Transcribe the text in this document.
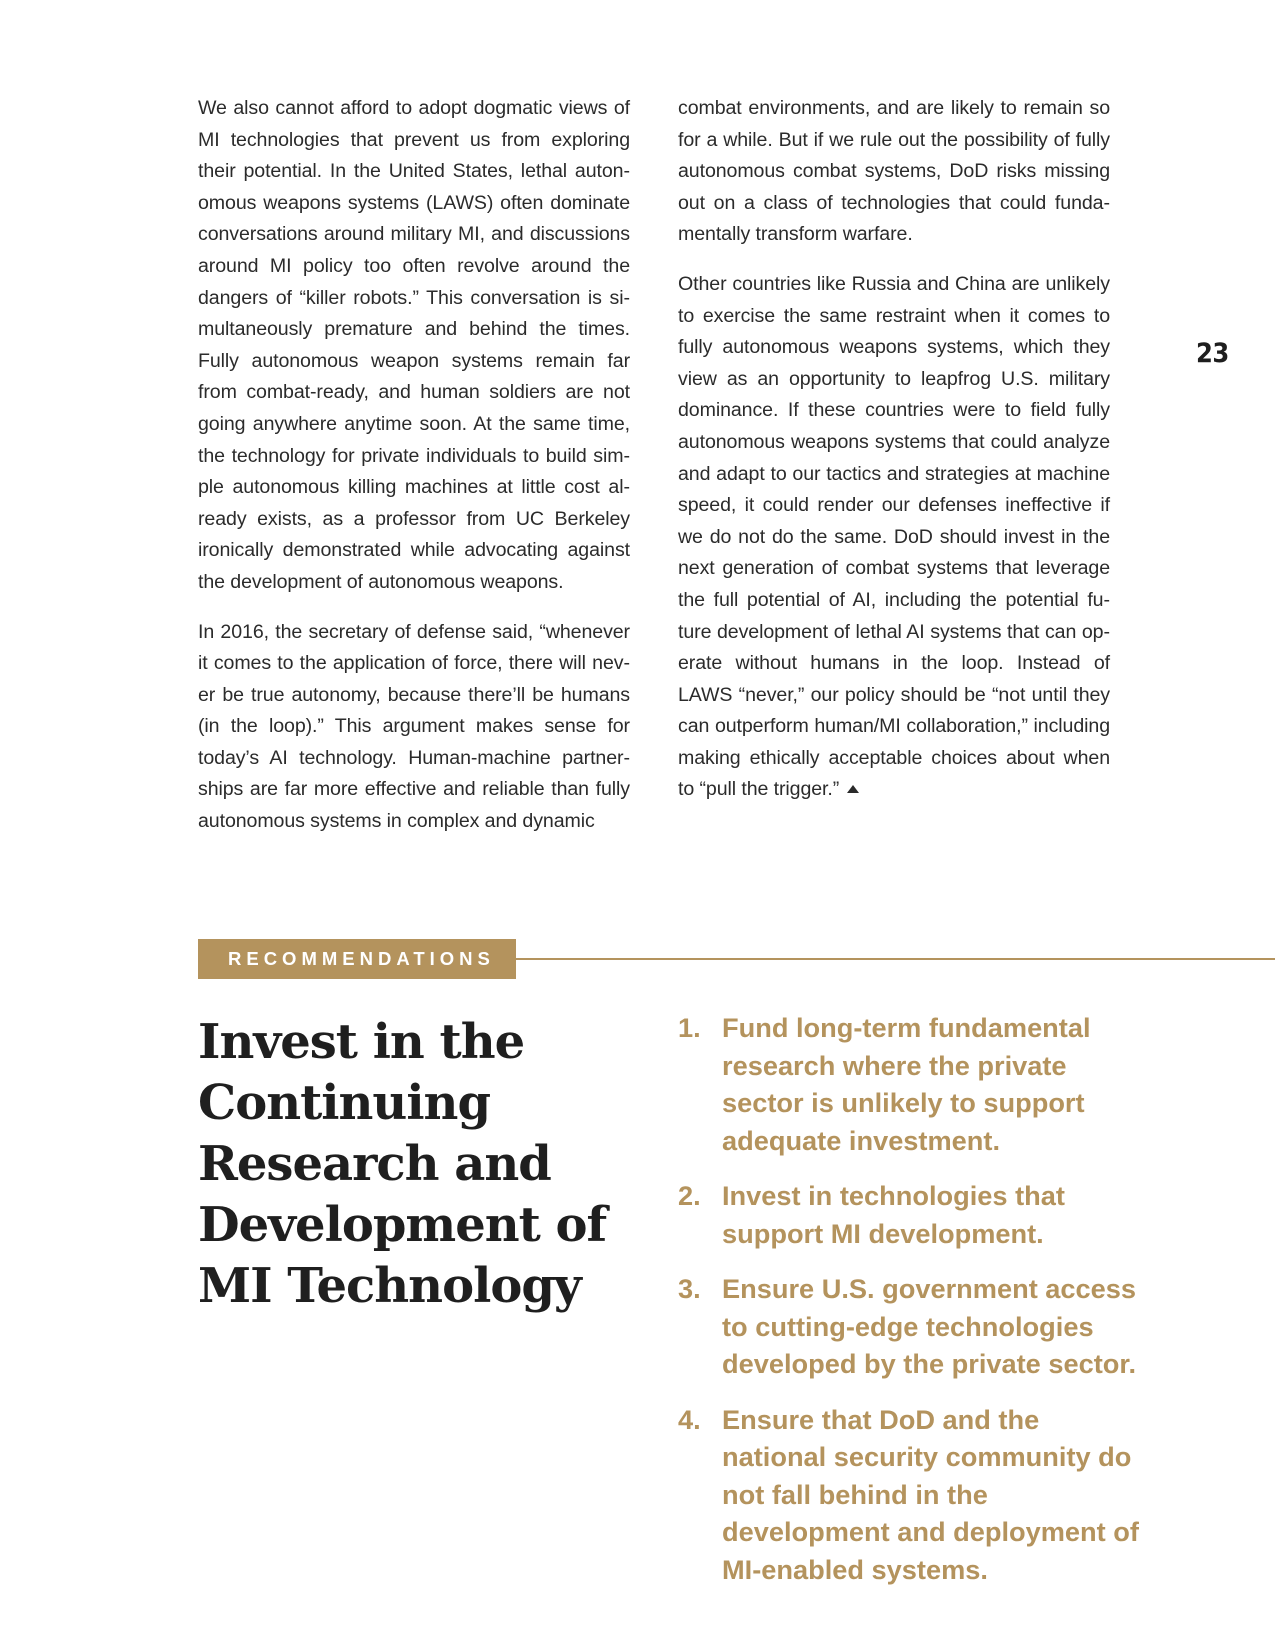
We also cannot afford to adopt dogmatic views of MI technologies that prevent us from exploring their potential. In the United States, lethal autonomous weapons systems (LAWS) often dominate conversations around military MI, and discussions around MI policy too often revolve around the dangers of “killer robots.” This conversation is simultaneously premature and behind the times. Fully autonomous weapon systems remain far from combat-ready, and human soldiers are not going anywhere anytime soon. At the same time, the technology for private individuals to build simple autonomous killing machines at little cost already exists, as a professor from UC Berkeley ironically demonstrated while advocating against the development of autonomous weapons.

In 2016, the secretary of defense said, “whenever it comes to the application of force, there will never be true autonomy, because there’ll be humans (in the loop).” This argument makes sense for today’s AI technology. Human-machine partnerships are far more effective and reliable than fully autonomous systems in complex and dynamic

combat environments, and are likely to remain so for a while. But if we rule out the possibility of fully autonomous combat systems, DoD risks missing out on a class of technologies that could fundamentally transform warfare.

Other countries like Russia and China are unlikely to exercise the same restraint when it comes to fully autonomous weapons systems, which they view as an opportunity to leapfrog U.S. military dominance. If these countries were to field fully autonomous weapons systems that could analyze and adapt to our tactics and strategies at machine speed, it could render our defenses ineffective if we do not do the same. DoD should invest in the next generation of combat systems that leverage the full potential of AI, including the potential future development of lethal AI systems that can operate without humans in the loop. Instead of LAWS “never,” our policy should be “not until they can outperform human/MI collaboration,” including making ethically acceptable choices about when to “pull the trigger.”

23
RECOMMENDATIONS
Invest in the Continuing Research and Development of MI Technology
1. Fund long-term fundamental research where the private sector is unlikely to support adequate investment.
2. Invest in technologies that support MI development.
3. Ensure U.S. government access to cutting-edge technologies developed by the private sector.
4. Ensure that DoD and the national security community do not fall behind in the development and deployment of MI-enabled systems.
